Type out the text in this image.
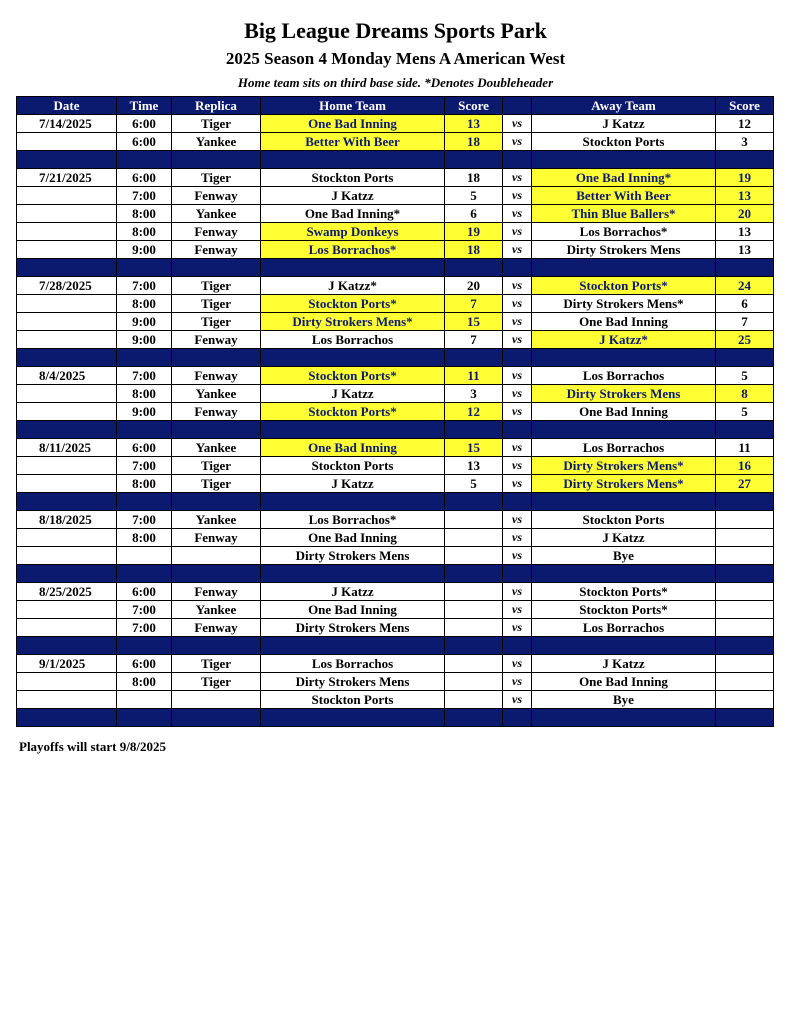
Big League Dreams Sports Park
2025 Season 4 Monday Mens A American West
Home team sits on third base side. *Denotes Doubleheader
Date	Time	Replica	Home Team	Score		Away Team	Score
7/14/2025	6:00	Tiger	One Bad Inning	13	vs	J Katzz	12
	6:00	Yankee	Better With Beer	18	vs	Stockton Ports	3

7/21/2025	6:00	Tiger	Stockton Ports	18	vs	One Bad Inning*	19
	7:00	Fenway	J Katzz	5	vs	Better With Beer	13
	8:00	Yankee	One Bad Inning*	6	vs	Thin Blue Ballers*	20
	8:00	Fenway	Swamp Donkeys	19	vs	Los Borrachos*	13
	9:00	Fenway	Los Borrachos*	18	vs	Dirty Strokers Mens	13

7/28/2025	7:00	Tiger	J Katzz*	20	vs	Stockton Ports*	24
	8:00	Tiger	Stockton Ports*	7	vs	Dirty Strokers Mens*	6
	9:00	Tiger	Dirty Strokers Mens*	15	vs	One Bad Inning	7
	9:00	Fenway	Los Borrachos	7	vs	J Katzz*	25

8/4/2025	7:00	Fenway	Stockton Ports*	11	vs	Los Borrachos	5
	8:00	Yankee	J Katzz	3	vs	Dirty Strokers Mens	8
	9:00	Fenway	Stockton Ports*	12	vs	One Bad Inning	5

8/11/2025	6:00	Yankee	One Bad Inning	15	vs	Los Borrachos	11
	7:00	Tiger	Stockton Ports	13	vs	Dirty Strokers Mens*	16
	8:00	Tiger	J Katzz	5	vs	Dirty Strokers Mens*	27

8/18/2025	7:00	Yankee	Los Borrachos*		vs	Stockton Ports	
	8:00	Fenway	One Bad Inning		vs	J Katzz	
			Dirty Strokers Mens		vs	Bye	

8/25/2025	6:00	Fenway	J Katzz		vs	Stockton Ports*	
	7:00	Yankee	One Bad Inning		vs	Stockton Ports*	
	7:00	Fenway	Dirty Strokers Mens		vs	Los Borrachos	

9/1/2025	6:00	Tiger	Los Borrachos		vs	J Katzz	
	8:00	Tiger	Dirty Strokers Mens		vs	One Bad Inning	
			Stockton Ports		vs	Bye	

Playoffs will start 9/8/2025
